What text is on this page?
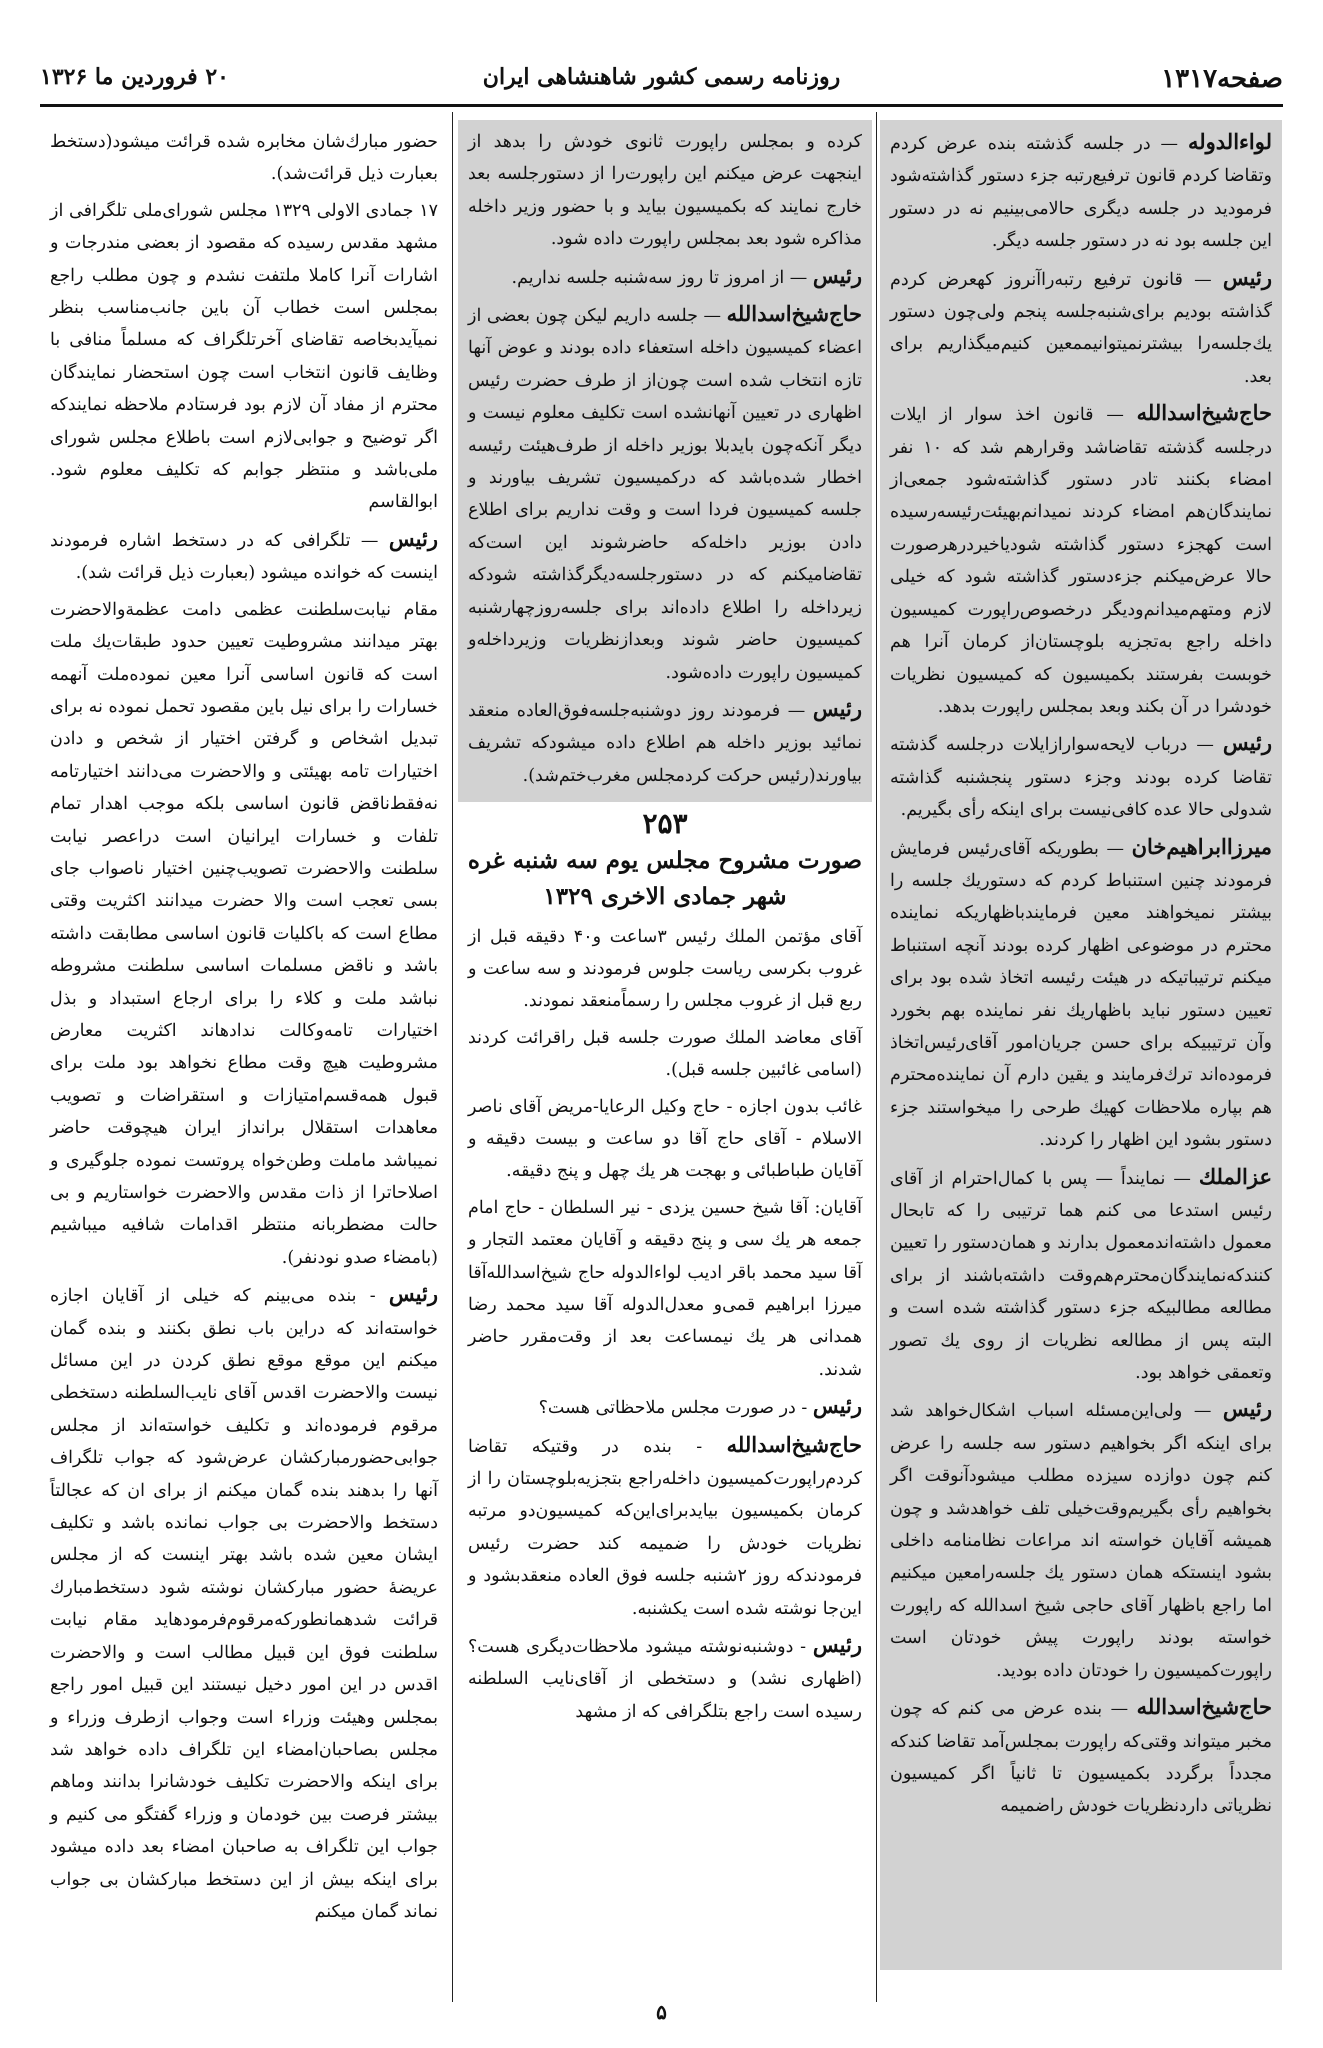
صفحه۱۳۱۷
روزنامه رسمی کشور شاهنشاهی ایران
۲۰ فروردین ما ۱۳۲۶

لواءالدوله — در جلسه گذشته بنده عرض کردم وتقاضا کردم قانون ترفیع‌رتبه جزء دستور گذاشته‌شود فرمودید در جلسه دیگری حالامی‌بینیم نه در دستور این جلسه بود نه در دستور جلسه دیگر.

رئیس — قانون ترفیع رتبه‌راآنروز کهعرض کردم گذاشته بودیم برای‌شنبه‌جلسه پنجم ولی‌چون دستور یك‌جلسه‌را بیشترنمیتوانیممعین کنیم‌میگذاریم برای بعد.

حاج‌شیخ‌اسدالله — قانون اخذ سوار از ایلات درجلسه گذشته تقاضاشد وقرارهم شد که ۱۰ نفر امضاء بکنند تادر دستور گذاشته‌شود جمعی‌از نمایندگان‌هم امضاء کردند نمیدانم‌بهیئت‌رئیسه‌رسیده است کهجزء دستور گذاشته شودیاخیردرهرصورت حالا عرض‌میکنم جزءدستور گذاشته شود که خیلی لازم ومتهم‌میدانم‌ودیگر درخصوص‌راپورت کمیسیون داخله راجع به‌تجزیه بلوچستان‌از کرمان آنرا هم خوبست بفرستند بکمیسیون که کمیسیون نظریات خودشرا در آن بکند وبعد بمجلس راپورت بدهد.

رئیس — درباب لایحه‌سوارازایلات درجلسه گذشته تقاضا کرده بودند وجزء دستور پنجشنبه گذاشته شدولی حالا عده کافی‌نیست برای اینکه رأی بگیریم.

میرزاابراهیم‌خان — بطوریکه آقای‌رئیس فرمایش فرمودند چنین استنباط کردم که دستوریك جلسه را بیشتر نمیخواهند معین فرمایندباظهاریکه نماینده محترم در موضوعی اظهار کرده بودند آنچه استنباط میکنم ترتیباتیکه در هیئت رئیسه اتخاذ شده بود برای تعیین دستور نباید باظهاریك نفر نماینده بهم بخورد وآن ترتیبیکه برای حسن جریان‌امور آقای‌رئیس‌اتخاذ فرموده‌اند ترك‌فرمایند و یقین دارم آن نماینده‌محترم هم بپاره ملاحظات کهیك طرحی را میخواستند جزء دستور بشود این اظهار را کردند.

عزالملك — نماینداً — پس با کمال‌احترام از آقای رئیس استدعا می کنم هما ترتیبی را که تابحال معمول داشته‌اندمعمول بدارند و همان‌دستور را تعیین کنندکه‌نمایندگان‌محترم‌هم‌وقت داشته‌باشند از برای مطالعه مطالبیکه جزء دستور گذاشته شده است و البته پس از مطالعه نظریات از روی یك تصور وتعمقی خواهد بود.

رئیس — ولی‌این‌مسئله اسباب اشکال‌خواهد شد برای اینکه اگر بخواهیم دستور سه جلسه را عرض کنم چون دوازده سیزده مطلب میشودآنوقت اگر بخواهیم رأی بگیریم‌وقت‌خیلی تلف خواهدشد و چون همیشه آقایان خواسته اند مراعات نظامنامه داخلی بشود اینستکه همان دستور یك جلسه‌رامعین میکنیم اما راجع باظهار آقای حاجی شیخ اسدالله که راپورت خواسته بودند راپورت پیش خودتان است راپورت‌کمیسیون را خودتان داده بودید.

حاج‌شیخ‌اسدالله — بنده عرض می کنم که چون مخبر میتواند وقتی‌که راپورت بمجلس‌آمد تقاضا کندکه مجدداً برگردد بکمیسیون تا ثانیاً اگر کمیسیون نظریاتی داردنظریات خودش راضمیمه

کرده و بمجلس راپورت ثانوی خودش را بدهد از اینجهت عرض میکنم این راپورت‌را از دستورجلسه بعد خارج‌ نمایند که بکمیسیون بیاید و با حضور وزیر داخله مذاکره شود بعد بمجلس راپورت داده شود.

رئیس — از امروز تا روز سه‌شنبه جلسه نداریم.

حاج‌شیخ‌اسدالله — جلسه داریم لیکن چون بعضی از اعضاء کمیسیون داخله استعفاء داده بودند و عوض آنها تازه انتخاب شده است چون‌از از طرف حضرت رئیس اظهاری در تعیین آنهانشده است تکلیف معلوم نیست و دیگر آنکه‌چون بایدبلا بوزیر داخله از طرف‌هیئت رئیسه اخطار شده‌باشد که درکمیسیون تشریف بیاورند و جلسه کمیسیون فردا است و وقت نداریم برای اطلاع دادن بوزیر داخله‌که حاضرشوند این است‌که تقاضامیکنم که در دستورجلسه‌دیگرگذاشته شودکه زیرداخله را اطلاع داده‌اند برای جلسه‌روزچهارشنبه کمیسیون حاضر شوند وبعدازنظریات وزیرداخله‌و کمیسیون راپورت داده‌شود.

رئیس — فرمودند روز دوشنبه‌جلسه‌فوق‌العاده منعقد نمائید بوزیر داخله هم اطلاع داده میشودکه تشریف بیاورند(رئیس حرکت کردمجلس مغرب‌ختم‌شد).

۲۵۳
صورت مشروح مجلس یوم سه شنبه غره شهر جمادی الاخری ۱۳۲۹

آقای مؤتمن الملك رئیس ۳ساعت و۴۰ دقیقه قبل از غروب بکرسی ریاست جلوس فرمودند و سه ساعت و ربع قبل از غروب مجلس را رسماًمنعقد نمودند.

آقای معاضد الملك صورت جلسه قبل راقرائت کردند (اسامی غائبین جلسه قبل).

غائب بدون اجازه - حاج وکیل الرعایا-مریض آقای ناصر الاسلام - آقای حاج آقا دو ساعت و بیست دقیقه و آقایان طباطبائی و بهجت هر یك چهل و پنج دقیقه.

آقایان: آقا شیخ حسین یزدی - نیر السلطان - حاج امام جمعه هر یك سی و پنج دقیقه و آقایان معتمد التجار و آقا سید محمد باقر ادیب لواءالدوله حاج شیخ‌اسدالله‌آقا میرزا ابراهیم قمی‌و معدل‌الدوله آقا سید محمد رضا همدانی هر یك نیمساعت بعد از وقت‌مقرر حاضر شدند.

رئیس - در صورت مجلس ملاحظاتی هست؟

حاج‌شیخ‌اسدالله - بنده در وقتیکه تقاضا کردم‌راپورت‌کمیسیون داخله‌راجع بتجزیه‌بلوچستان را از کرمان بکمیسیون بیایدبرای‌این‌که کمیسیون‌دو مرتبه نظریات خودش را ضمیمه کند حضرت رئیس فرمودندکه روز ۲شنبه جلسه فوق العاده منعقدبشود و این‌جا نوشته شده است یکشنبه.

رئیس - دوشنبه‌نوشته میشود ملاحظات‌دیگری هست؟ (اظهاری نشد) و دستخطی از آقای‌نایب السلطنه رسیده است راجع بتلگرافی که از مشهد

حضور مبارك‌شان مخابره شده قرائت میشود(دستخط بعبارت ذیل قرائت‌شد).

۱۷ جمادی الاولی ۱۳۲۹ مجلس شورای‌ملی تلگرافی از مشهد مقدس رسیده که مقصود از بعضی مندرجات و اشارات آنرا کاملا ملتفت نشدم و چون مطلب راجع بمجلس است خطاب آن باین جانب‌مناسب بنظر نمیآیدبخاصه تقاضای آخرتلگراف که مسلماً منافی با وظایف قانون انتخاب است چون استحضار نمایندگان محترم از مفاد آن لازم بود فرستادم ملاحظه نمایندکه اگر توضیح و جوابی‌لازم است باطلاع مجلس شورای ملی‌باشد و منتظر جوابم که تکلیف معلوم شود. ابوالقاسم

رئیس — تلگرافی که در دستخط اشاره فرمودند اینست که خوانده میشود (بعبارت ذیل قرائت شد).

مقام نیابت‌سلطنت عظمی دامت عظمة‌والاحضرت بهتر میدانند مشروطیت تعیین حدود طبقات‌یك ملت است که قانون اساسی آنرا معین نموده‌ملت آنهمه خسارات را برای نیل باین مقصود تحمل نموده نه برای تبدیل اشخاص و گرفتن اختیار از شخص و دادن اختیارات تامه بهیئتی و والاحضرت می‌دانند اختیارتامه نه‌فقط‌ناقض قانون اساسی بلکه موجب اهدار تمام تلفات و خسارات ایرانیان است دراعصر نیابت سلطنت والاحضرت تصویب‌چنین اختیار ناصواب جای بسی تعجب است والا حضرت میدانند اکثریت وقتی مطاع است که باکلیات قانون اساسی مطابقت داشته باشد و ناقض مسلمات اساسی سلطنت مشروطه نباشد ملت و کلاء را برای ارجاع استبداد و بذل اختیارات تامه‌وکالت ندادهاند اکثریت معارض مشروطیت هیچ وقت مطاع نخواهد بود ملت برای قبول همه‌قسم‌امتیازات و استقراضات و تصویب معاهدات استقلال برانداز ایران هیچوقت حاضر نمیباشد ماملت وطن‌خواه پروتست نموده جلوگیری و اصلاحاترا از ذات مقدس والاحضرت خواستاریم و بی حالت مضطربانه منتظر اقدامات شافیه میباشیم (بامضاء صدو نودنفر).

رئیس - بنده می‌بینم که خیلی از آقایان اجازه خواسته‌اند که دراین باب نطق بکنند و بنده گمان میکنم این موقع موقع نطق کردن در این مسائل نیست والاحضرت اقدس آقای نایب‌السلطنه دستخطی مرقوم فرموده‌اند و تکلیف خواسته‌اند از مجلس جوابی‌حضورمبارکشان عرض‌شود که جواب تلگراف آنها را بدهند بنده گمان میکنم از برای ان که عجالتاً دستخط والاحضرت بی جواب نمانده باشد و تکلیف ایشان معین شده باشد بهتر اینست که از مجلس عریضهٔ حضور مبارکشان نوشته شود دستخط‌مبارك قرائت شدهمانطورکه‌مرقوم‌فرمودهاید مقام نیابت سلطنت فوق این قبیل مطالب است و والاحضرت اقدس در این امور دخیل نیستند این قبیل امور راجع بمجلس وهیئت وزراء است وجواب ازطرف وزراء و مجلس بصاحبان‌امضاء این تلگراف داده خواهد شد برای اینکه والاحضرت تکلیف خودشانرا بدانند وماهم بیشتر فرصت بین خودمان و وزراء گفتگو می کنیم و جواب این تلگراف به صاحبان امضاء بعد داده میشود برای اینکه بیش از این دستخط مبارکشان بی جواب نماند گمان میکنم

۵
